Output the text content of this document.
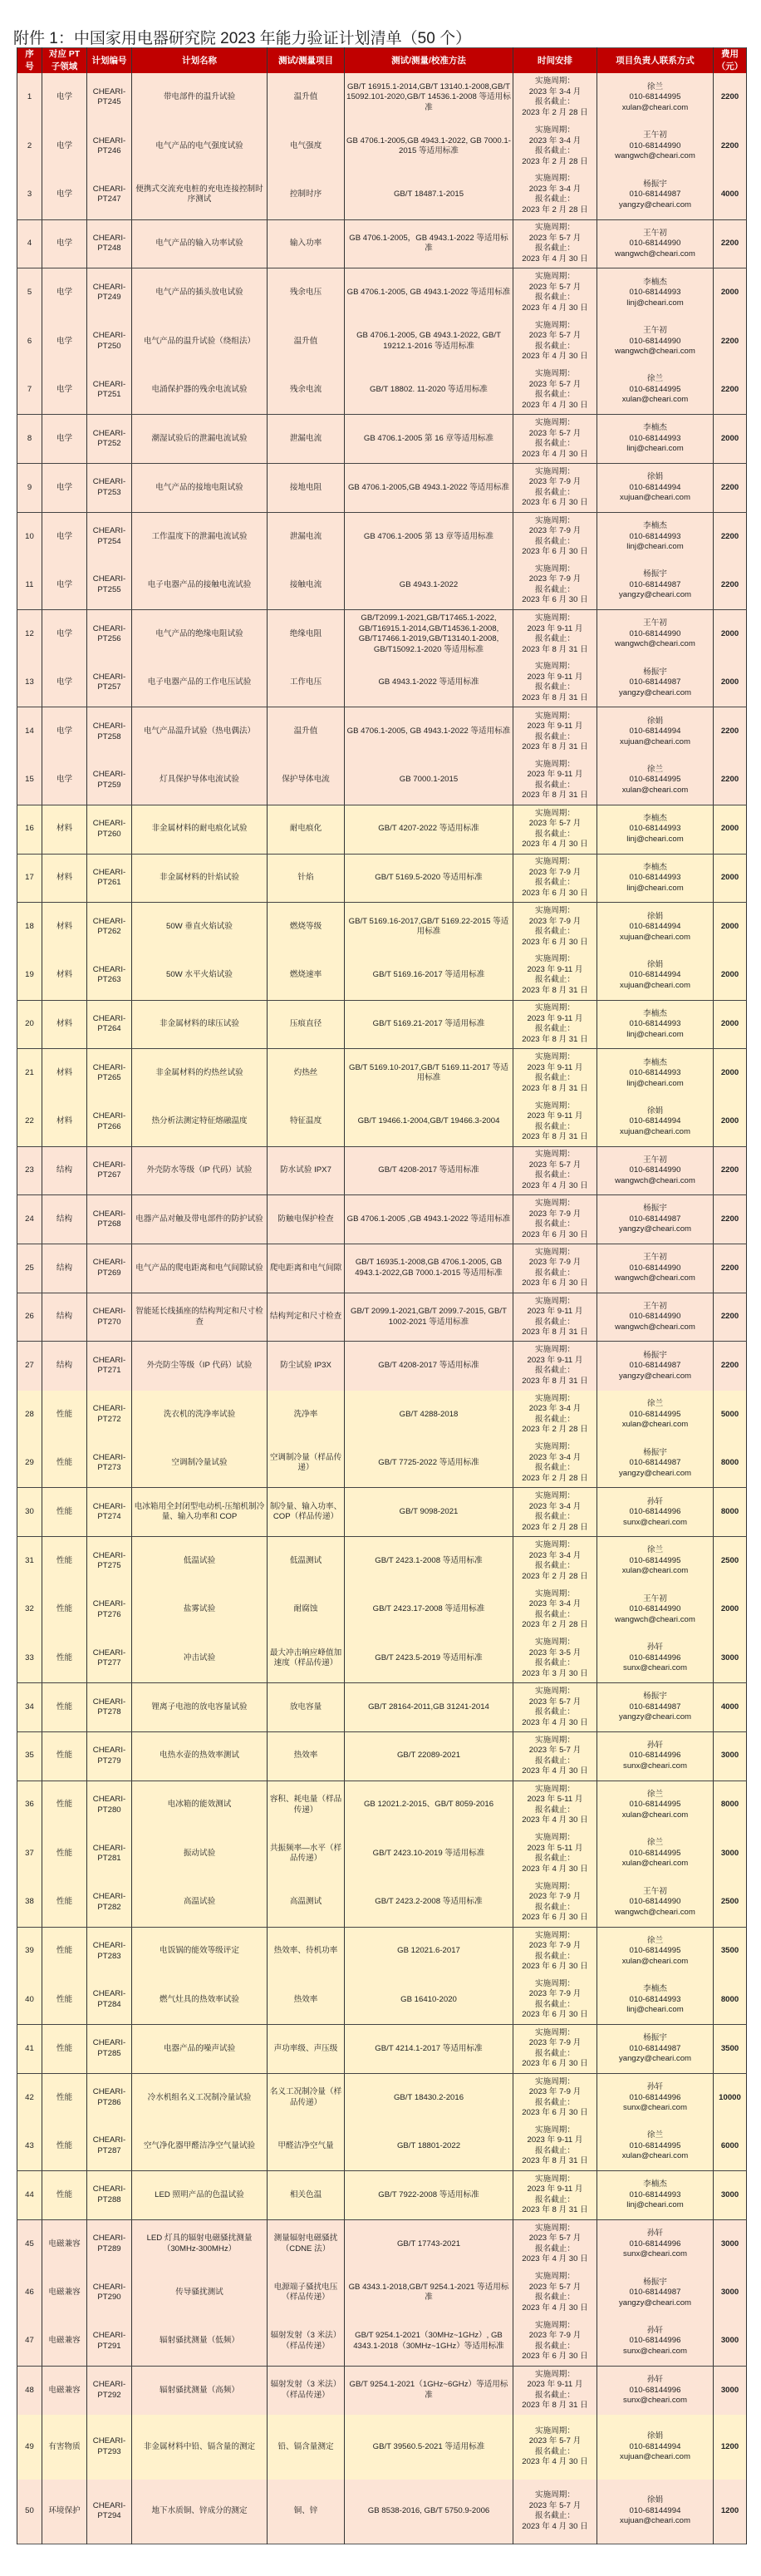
附件 1：中国家用电器研究院 2023 年能力验证计划清单（50 个）
序
号	对应 PT
子领域	计划编号	计划名称	测试/测量项目	测试/测量/校准方法	时间安排	项目负责人联系方式	费用
（元）

1	电学	CHEARI-
PT245	带电部件的温升试验	温升值	GB/T 16915.1-2014,GB/T 13140.1-2008,GB/T 15092.101-2020,GB/T 14536.1-2008 等适用标准	实施周期：
2023 年 3-4 月
报名截止：
2023 年 2 月 28 日	徐兰
010-68144995
xulan@cheari.com	2200
2	电学	CHEARI-
PT246	电气产品的电气强度试验	电气强度	GB 4706.1-2005,GB 4943.1-2022, GB 7000.1-2015 等适用标准	实施周期：
2023 年 3-4 月
报名截止：
2023 年 2 月 28 日	王午初
010-68144990
wangwch@cheari.com	2200
3	电学	CHEARI-
PT247	便携式交流充电桩的充电连接控制时序测试	控制时序	GB/T 18487.1-2015	实施周期：
2023 年 3-4 月
报名截止：
2023 年 2 月 28 日	杨振宇
010-68144987
yangzy@cheari.com	4000
4	电学	CHEARI-
PT248	电气产品的输入功率试验	输入功率	GB 4706.1-2005，GB 4943.1-2022 等适用标准	实施周期：
2023 年 5-7 月
报名截止：
2023 年 4 月 30 日	王午初
010-68144990
wangwch@cheari.com	2200
5	电学	CHEARI-
PT249	电气产品的插头放电试验	残余电压	GB 4706.1-2005, GB 4943.1-2022 等适用标准	实施周期：
2023 年 5-7 月
报名截止：
2023 年 4 月 30 日	李楠杰
010-68144993
linj@cheari.com	2000
6	电学	CHEARI-
PT250	电气产品的温升试验（绕组法）	温升值	GB 4706.1-2005, GB 4943.1-2022, GB/T 19212.1-2016 等适用标准	实施周期：
2023 年 5-7 月
报名截止：
2023 年 4 月 30 日	王午初
010-68144990
wangwch@cheari.com	2200
7	电学	CHEARI-
PT251	电涌保护器的残余电流试验	残余电流	GB/T 18802. 11-2020 等适用标准	实施周期：
2023 年 5-7 月
报名截止：
2023 年 4 月 30 日	徐兰
010-68144995
xulan@cheari.com	2200
8	电学	CHEARI-
PT252	潮湿试验后的泄漏电流试验	泄漏电流	GB 4706.1-2005 第 16 章等适用标准	实施周期：
2023 年 5-7 月
报名截止：
2023 年 4 月 30 日	李楠杰
010-68144993
linj@cheari.com	2000
9	电学	CHEARI-
PT253	电气产品的接地电阻试验	接地电阻	GB 4706.1-2005,GB 4943.1-2022 等适用标准	实施周期：
2023 年 7-9 月
报名截止：
2023 年 6 月 30 日	徐娟
010-68144994
xujuan@cheari.com	2200
10	电学	CHEARI-
PT254	工作温度下的泄漏电流试验	泄漏电流	GB 4706.1-2005 第 13 章等适用标准	实施周期：
2023 年 7-9 月
报名截止：
2023 年 6 月 30 日	李楠杰
010-68144993
linj@cheari.com	2200
11	电学	CHEARI-
PT255	电子电器产品的接触电流试验	接触电流	GB 4943.1-2022	实施周期：
2023 年 7-9 月
报名截止：
2023 年 6 月 30 日	杨振宇
010-68144987
yangzy@cheari.com	2200
12	电学	CHEARI-
PT256	电气产品的绝缘电阻试验	绝缘电阻	GB/T2099.1-2021,GB/T17465.1-2022, GB/T16915.1-2014,GB/T14536.1-2008, GB/T17466.1-2019,GB/T13140.1-2008, GB/T15092.1-2020 等适用标准	实施周期：
2023 年 9-11 月
报名截止：
2023 年 8 月 31 日	王午初
010-68144990
wangwch@cheari.com	2000
13	电学	CHEARI-
PT257	电子电器产品的工作电压试验	工作电压	GB 4943.1-2022 等适用标准	实施周期：
2023 年 9-11 月
报名截止：
2023 年 8 月 31 日	杨振宇
010-68144987
yangzy@cheari.com	2000
14	电学	CHEARI-
PT258	电气产品温升试验（热电偶法）	温升值	GB 4706.1-2005, GB 4943.1-2022 等适用标准	实施周期：
2023 年 9-11 月
报名截止：
2023 年 8 月 31 日	徐娟
010-68144994
xujuan@cheari.com	2200
15	电学	CHEARI-
PT259	灯具保护导体电流试验	保护导体电流	GB 7000.1-2015	实施周期：
2023 年 9-11 月
报名截止：
2023 年 8 月 31 日	徐兰
010-68144995
xulan@cheari.com	2200
16	材料	CHEARI-
PT260	非金属材料的耐电痕化试验	耐电痕化	GB/T 4207-2022 等适用标准	实施周期：
2023 年 5-7 月
报名截止：
2023 年 4 月 30 日	李楠杰
010-68144993
linj@cheari.com	2000
17	材料	CHEARI-
PT261	非金属材料的针焰试验	针焰	GB/T 5169.5-2020 等适用标准	实施周期：
2023 年 7-9 月
报名截止：
2023 年 6 月 30 日	李楠杰
010-68144993
linj@cheari.com	2000
18	材料	CHEARI-
PT262	50W 垂直火焰试验	燃烧等级	GB/T 5169.16-2017,GB/T 5169.22-2015 等适用标准	实施周期：
2023 年 7-9 月
报名截止：
2023 年 6 月 30 日	徐娟
010-68144994
xujuan@cheari.com	2000
19	材料	CHEARI-
PT263	50W 水平火焰试验	燃烧速率	GB/T 5169.16-2017 等适用标准	实施周期：
2023 年 9-11 月
报名截止：
2023 年 8 月 31 日	徐娟
010-68144994
xujuan@cheari.com	2000
20	材料	CHEARI-
PT264	非金属材料的球压试验	压痕直径	GB/T 5169.21-2017 等适用标准	实施周期：
2023 年 9-11 月
报名截止：
2023 年 8 月 31 日	李楠杰
010-68144993
linj@cheari.com	2000
21	材料	CHEARI-
PT265	非金属材料的灼热丝试验	灼热丝	GB/T 5169.10-2017,GB/T 5169.11-2017 等适用标准	实施周期：
2023 年 9-11 月
报名截止：
2023 年 8 月 31 日	李楠杰
010-68144993
linj@cheari.com	2000
22	材料	CHEARI-
PT266	热分析法测定特征熔融温度	特征温度	GB/T 19466.1-2004,GB/T 19466.3-2004	实施周期：
2023 年 9-11 月
报名截止：
2023 年 8 月 31 日	徐娟
010-68144994
xujuan@cheari.com	2000
23	结构	CHEARI-
PT267	外壳防水等级（IP 代码）试验	防水试验 IPX7	GB/T 4208-2017 等适用标准	实施周期：
2023 年 5-7 月
报名截止：
2023 年 4 月 30 日	王午初
010-68144990
wangwch@cheari.com	2200
24	结构	CHEARI-
PT268	电器产品对触及带电部件的防护试验	防触电保护检查	GB 4706.1-2005 ,GB 4943.1-2022 等适用标准	实施周期：
2023 年 7-9 月
报名截止：
2023 年 6 月 30 日	杨振宇
010-68144987
yangzy@cheari.com	2200
25	结构	CHEARI-
PT269	电气产品的爬电距离和电气间隙试验	爬电距离和电气间隙	GB/T 16935.1-2008,GB 4706.1-2005, GB 4943.1-2022,GB 7000.1-2015 等适用标准	实施周期：
2023 年 7-9 月
报名截止：
2023 年 6 月 30 日	王午初
010-68144990
wangwch@cheari.com	2200
26	结构	CHEARI-
PT270	智能延长线插座的结构判定和尺寸检查	结构判定和尺寸检查	GB/T 2099.1-2021,GB/T 2099.7-2015, GB/T 1002-2021 等适用标准	实施周期：
2023 年 9-11 月
报名截止：
2023 年 8 月 31 日	王午初
010-68144990
wangwch@cheari.com	2200
27	结构	CHEARI-
PT271	外壳防尘等级（IP 代码）试验	防尘试验 IP3X	GB/T 4208-2017 等适用标准	实施周期：
2023 年 9-11 月
报名截止：
2023 年 8 月 31 日	杨振宇
010-68144987
yangzy@cheari.com	2200
28	性能	CHEARI-
PT272	洗衣机的洗净率试验	洗净率	GB/T 4288-2018	实施周期：
2023 年 3-4 月
报名截止：
2023 年 2 月 28 日	徐兰
010-68144995
xulan@cheari.com	5000
29	性能	CHEARI-
PT273	空调制冷量试验	空调制冷量（样品传递）	GB/T 7725-2022 等适用标准	实施周期：
2023 年 3-4 月
报名截止：
2023 年 2 月 28 日	杨振宇
010-68144987
yangzy@cheari.com	8000
30	性能	CHEARI-
PT274	电冰箱用全封闭型电动机-压缩机制冷量、输入功率和 COP	制冷量、输入功率、COP（样品传递）	GB/T 9098-2021	实施周期：
2023 年 3-4 月
报名截止：
2023 年 2 月 28 日	孙轩
010-68144996
sunx@cheari.com	8000
31	性能	CHEARI-
PT275	低温试验	低温测试	GB/T 2423.1-2008 等适用标准	实施周期：
2023 年 3-4 月
报名截止：
2023 年 2 月 28 日	徐兰
010-68144995
xulan@cheari.com	2500
32	性能	CHEARI-
PT276	盐雾试验	耐腐蚀	GB/T 2423.17-2008 等适用标准	实施周期：
2023 年 3-4 月
报名截止：
2023 年 2 月 28 日	王午初
010-68144990
wangwch@cheari.com	2000
33	性能	CHEARI-
PT277	冲击试验	最大冲击响应峰值加速度（样品传递）	GB/T 2423.5-2019 等适用标准	实施周期：
2023 年 3-5 月
报名截止：
2023 年 3 月 30 日	孙轩
010-68144996
sunx@cheari.com	3000
34	性能	CHEARI-
PT278	锂离子电池的放电容量试验	放电容量	GB/T 28164-2011,GB 31241-2014	实施周期：
2023 年 5-7 月
报名截止：
2023 年 4 月 30 日	杨振宇
010-68144987
yangzy@cheari.com	4000
35	性能	CHEARI-
PT279	电热水壶的热效率测试	热效率	GB/T 22089-2021	实施周期：
2023 年 5-7 月
报名截止：
2023 年 4 月 30 日	孙轩
010-68144996
sunx@cheari.com	3000
36	性能	CHEARI-
PT280	电冰箱的能效测试	容积、耗电量（样品传递）	GB 12021.2-2015、GB/T 8059-2016	实施周期：
2023 年 5-11 月
报名截止：
2023 年 4 月 30 日	徐兰
010-68144995
xulan@cheari.com	8000
37	性能	CHEARI-
PT281	振动试验	共振频率—水平（样品传递）	GB/T 2423.10-2019 等适用标准	实施周期：
2023 年 5-11 月
报名截止：
2023 年 4 月 30 日	徐兰
010-68144995
xulan@cheari.com	3000
38	性能	CHEARI-
PT282	高温试验	高温测试	GB/T 2423.2-2008 等适用标准	实施周期：
2023 年 7-9 月
报名截止：
2023 年 6 月 30 日	王午初
010-68144990
wangwch@cheari.com	2500
39	性能	CHEARI-
PT283	电饭锅的能效等级评定	热效率、待机功率	GB 12021.6-2017	实施周期：
2023 年 7-9 月
报名截止：
2023 年 6 月 30 日	徐兰
010-68144995
xulan@cheari.com	3500
40	性能	CHEARI-
PT284	燃气灶具的热效率试验	热效率	GB 16410-2020	实施周期：
2023 年 7-9 月
报名截止：
2023 年 6 月 30 日	李楠杰
010-68144993
linj@cheari.com	8000
41	性能	CHEARI-
PT285	电器产品的噪声试验	声功率级、声压级	GB/T 4214.1-2017 等适用标准	实施周期：
2023 年 7-9 月
报名截止：
2023 年 6 月 30 日	杨振宇
010-68144987
yangzy@cheari.com	3500
42	性能	CHEARI-
PT286	冷水机组名义工况制冷量试验	名义工况制冷量（样品传递）	GB/T 18430.2-2016	实施周期：
2023 年 7-9 月
报名截止：
2023 年 6 月 30 日	孙轩
010-68144996
sunx@cheari.com	10000
43	性能	CHEARI-
PT287	空气净化器甲醛洁净空气量试验	甲醛洁净空气量	GB/T 18801-2022	实施周期：
2023 年 9-11 月
报名截止：
2023 年 8 月 31 日	徐兰
010-68144995
xulan@cheari.com	6000
44	性能	CHEARI-
PT288	LED 照明产品的色温试验	相关色温	GB/T 7922-2008 等适用标准	实施周期：
2023 年 9-11 月
报名截止：
2023 年 8 月 31 日	李楠杰
010-68144993
linj@cheari.com	3000
45	电磁兼容	CHEARI-
PT289	LED 灯具的辐射电磁骚扰测量（30MHz-300MHz）	测量辐射电磁骚扰（CDNE 法）	GB/T 17743-2021	实施周期：
2023 年 5-7 月
报名截止：
2023 年 4 月 30 日	孙轩
010-68144996
sunx@cheari.com	3000
46	电磁兼容	CHEARI-
PT290	传导骚扰测试	电源端子骚扰电压（样品传递）	GB 4343.1-2018,GB/T 9254.1-2021 等适用标准	实施周期：
2023 年 5-7 月
报名截止：
2023 年 4 月 30 日	杨振宇
010-68144987
yangzy@cheari.com	3000
47	电磁兼容	CHEARI-
PT291	辐射骚扰测量（低频）	辐射发射（3 米法）（样品传递）	GB/T 9254.1-2021（30MHz~1GHz）, GB 4343.1-2018（30MHz~1GHz）等适用标准	实施周期：
2023 年 7-9 月
报名截止：
2023 年 6 月 30 日	孙轩
010-68144996
sunx@cheari.com	3000
48	电磁兼容	CHEARI-
PT292	辐射骚扰测量（高频）	辐射发射（3 米法）（样品传递）	GB/T 9254.1-2021（1GHz~6GHz）等适用标准	实施周期：
2023 年 9-11 月
报名截止：
2023 年 8 月 31 日	孙轩
010-68144996
sunx@cheari.com	3000
49	有害物质	CHEARI-
PT293	非金属材料中铅、镉含量的测定	铅、镉含量测定	GB/T 39560.5-2021 等适用标准	实施周期：
2023 年 5-7 月
报名截止：
2023 年 4 月 30 日	徐娟
010-68144994
xujuan@cheari.com	1200
50	环境保护	CHEARI-
PT294	地下水质铜、锌成分的测定	铜、锌	GB 8538-2016, GB/T 5750.9-2006	实施周期：
2023 年 5-7 月
报名截止：
2023 年 4 月 30 日	徐娟
010-68144994
xujuan@cheari.com	1200
